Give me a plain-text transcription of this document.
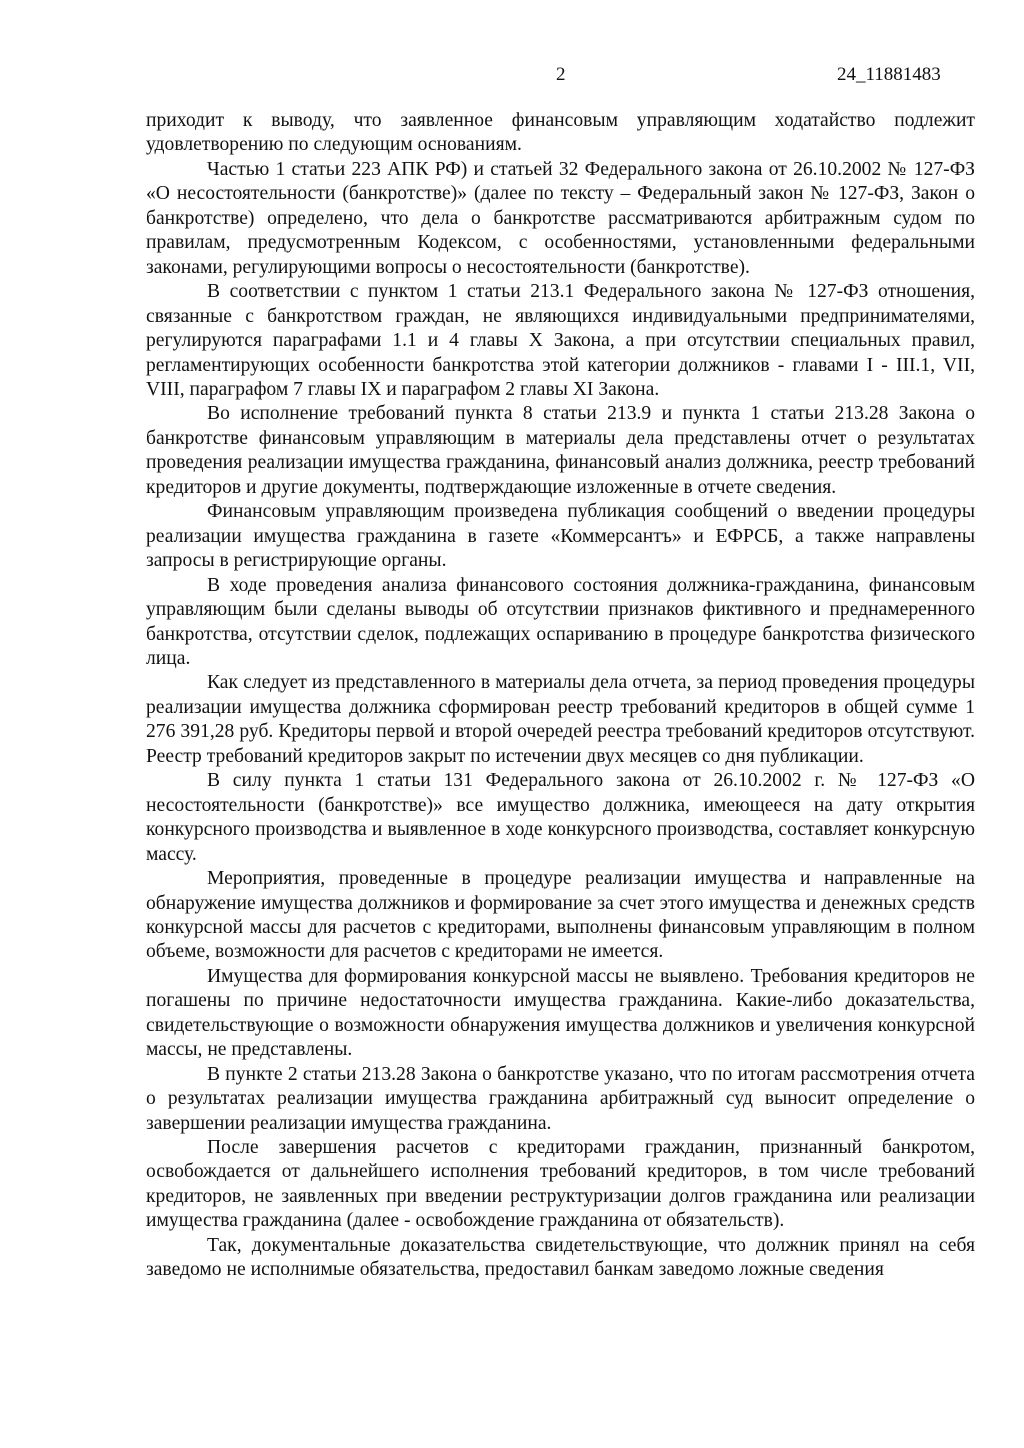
2	24_11881483

приходит к выводу, что заявленное финансовым управляющим ходатайство подлежит удовлетворению по следующим основаниям.

Частью 1 статьи 223 АПК РФ) и статьей 32 Федерального закона от 26.10.2002 № 127-ФЗ «О несостоятельности (банкротстве)» (далее по тексту – Федеральный закон № 127-ФЗ, Закон о банкротстве) определено, что дела о банкротстве рассматриваются арбитражным судом по правилам, предусмотренным Кодексом, с особенностями, установленными федеральными законами, регулирующими вопросы о несостоятельности (банкротстве).

В соответствии с пунктом 1 статьи 213.1 Федерального закона № 127-ФЗ отношения, связанные с банкротством граждан, не являющихся индивидуальными предпринимателями, регулируются параграфами 1.1 и 4 главы X Закона, а при отсутствии специальных правил, регламентирующих особенности банкротства этой категории должников - главами I - III.1, VII, VIII, параграфом 7 главы IX и параграфом 2 главы XI Закона.

Во исполнение требований пункта 8 статьи 213.9 и пункта 1 статьи 213.28 Закона о банкротстве финансовым управляющим в материалы дела представлены отчет о результатах проведения реализации имущества гражданина, финансовый анализ должника, реестр требований кредиторов и другие документы, подтверждающие изложенные в отчете сведения.

Финансовым управляющим произведена публикация сообщений о введении процедуры реализации имущества гражданина в газете «Коммерсантъ» и ЕФРСБ, а также направлены запросы в регистрирующие органы.

В ходе проведения анализа финансового состояния должника-гражданина, финансовым управляющим были сделаны выводы об отсутствии признаков фиктивного и преднамеренного банкротства, отсутствии сделок, подлежащих оспариванию в процедуре банкротства физического лица.

Как следует из представленного в материалы дела отчета, за период проведения процедуры реализации имущества должника сформирован реестр требований кредиторов в общей сумме 1 276 391,28 руб. Кредиторы первой и второй очередей реестра требований кредиторов отсутствуют. Реестр требований кредиторов закрыт по истечении двух месяцев со дня публикации.

В силу пункта 1 статьи 131 Федерального закона от 26.10.2002 г. № 127-ФЗ «О несостоятельности (банкротстве)» все имущество должника, имеющееся на дату открытия конкурсного производства и выявленное в ходе конкурсного производства, составляет конкурсную массу.

Мероприятия, проведенные в процедуре реализации имущества и направленные на обнаружение имущества должников и формирование за счет этого имущества и денежных средств конкурсной массы для расчетов с кредиторами, выполнены финансовым управляющим в полном объеме, возможности для расчетов с кредиторами не имеется.

Имущества для формирования конкурсной массы не выявлено. Требования кредиторов не погашены по причине недостаточности имущества гражданина. Какие-либо доказательства, свидетельствующие о возможности обнаружения имущества должников и увеличения конкурсной массы, не представлены.

В пункте 2 статьи 213.28 Закона о банкротстве указано, что по итогам рассмотрения отчета о результатах реализации имущества гражданина арбитражный суд выносит определение о завершении реализации имущества гражданина.

После завершения расчетов с кредиторами гражданин, признанный банкротом, освобождается от дальнейшего исполнения требований кредиторов, в том числе требований кредиторов, не заявленных при введении реструктуризации долгов гражданина или реализации имущества гражданина (далее - освобождение гражданина от обязательств).

Так, документальные доказательства свидетельствующие, что должник принял на себя заведомо не исполнимые обязательства, предоставил банкам заведомо ложные сведения
